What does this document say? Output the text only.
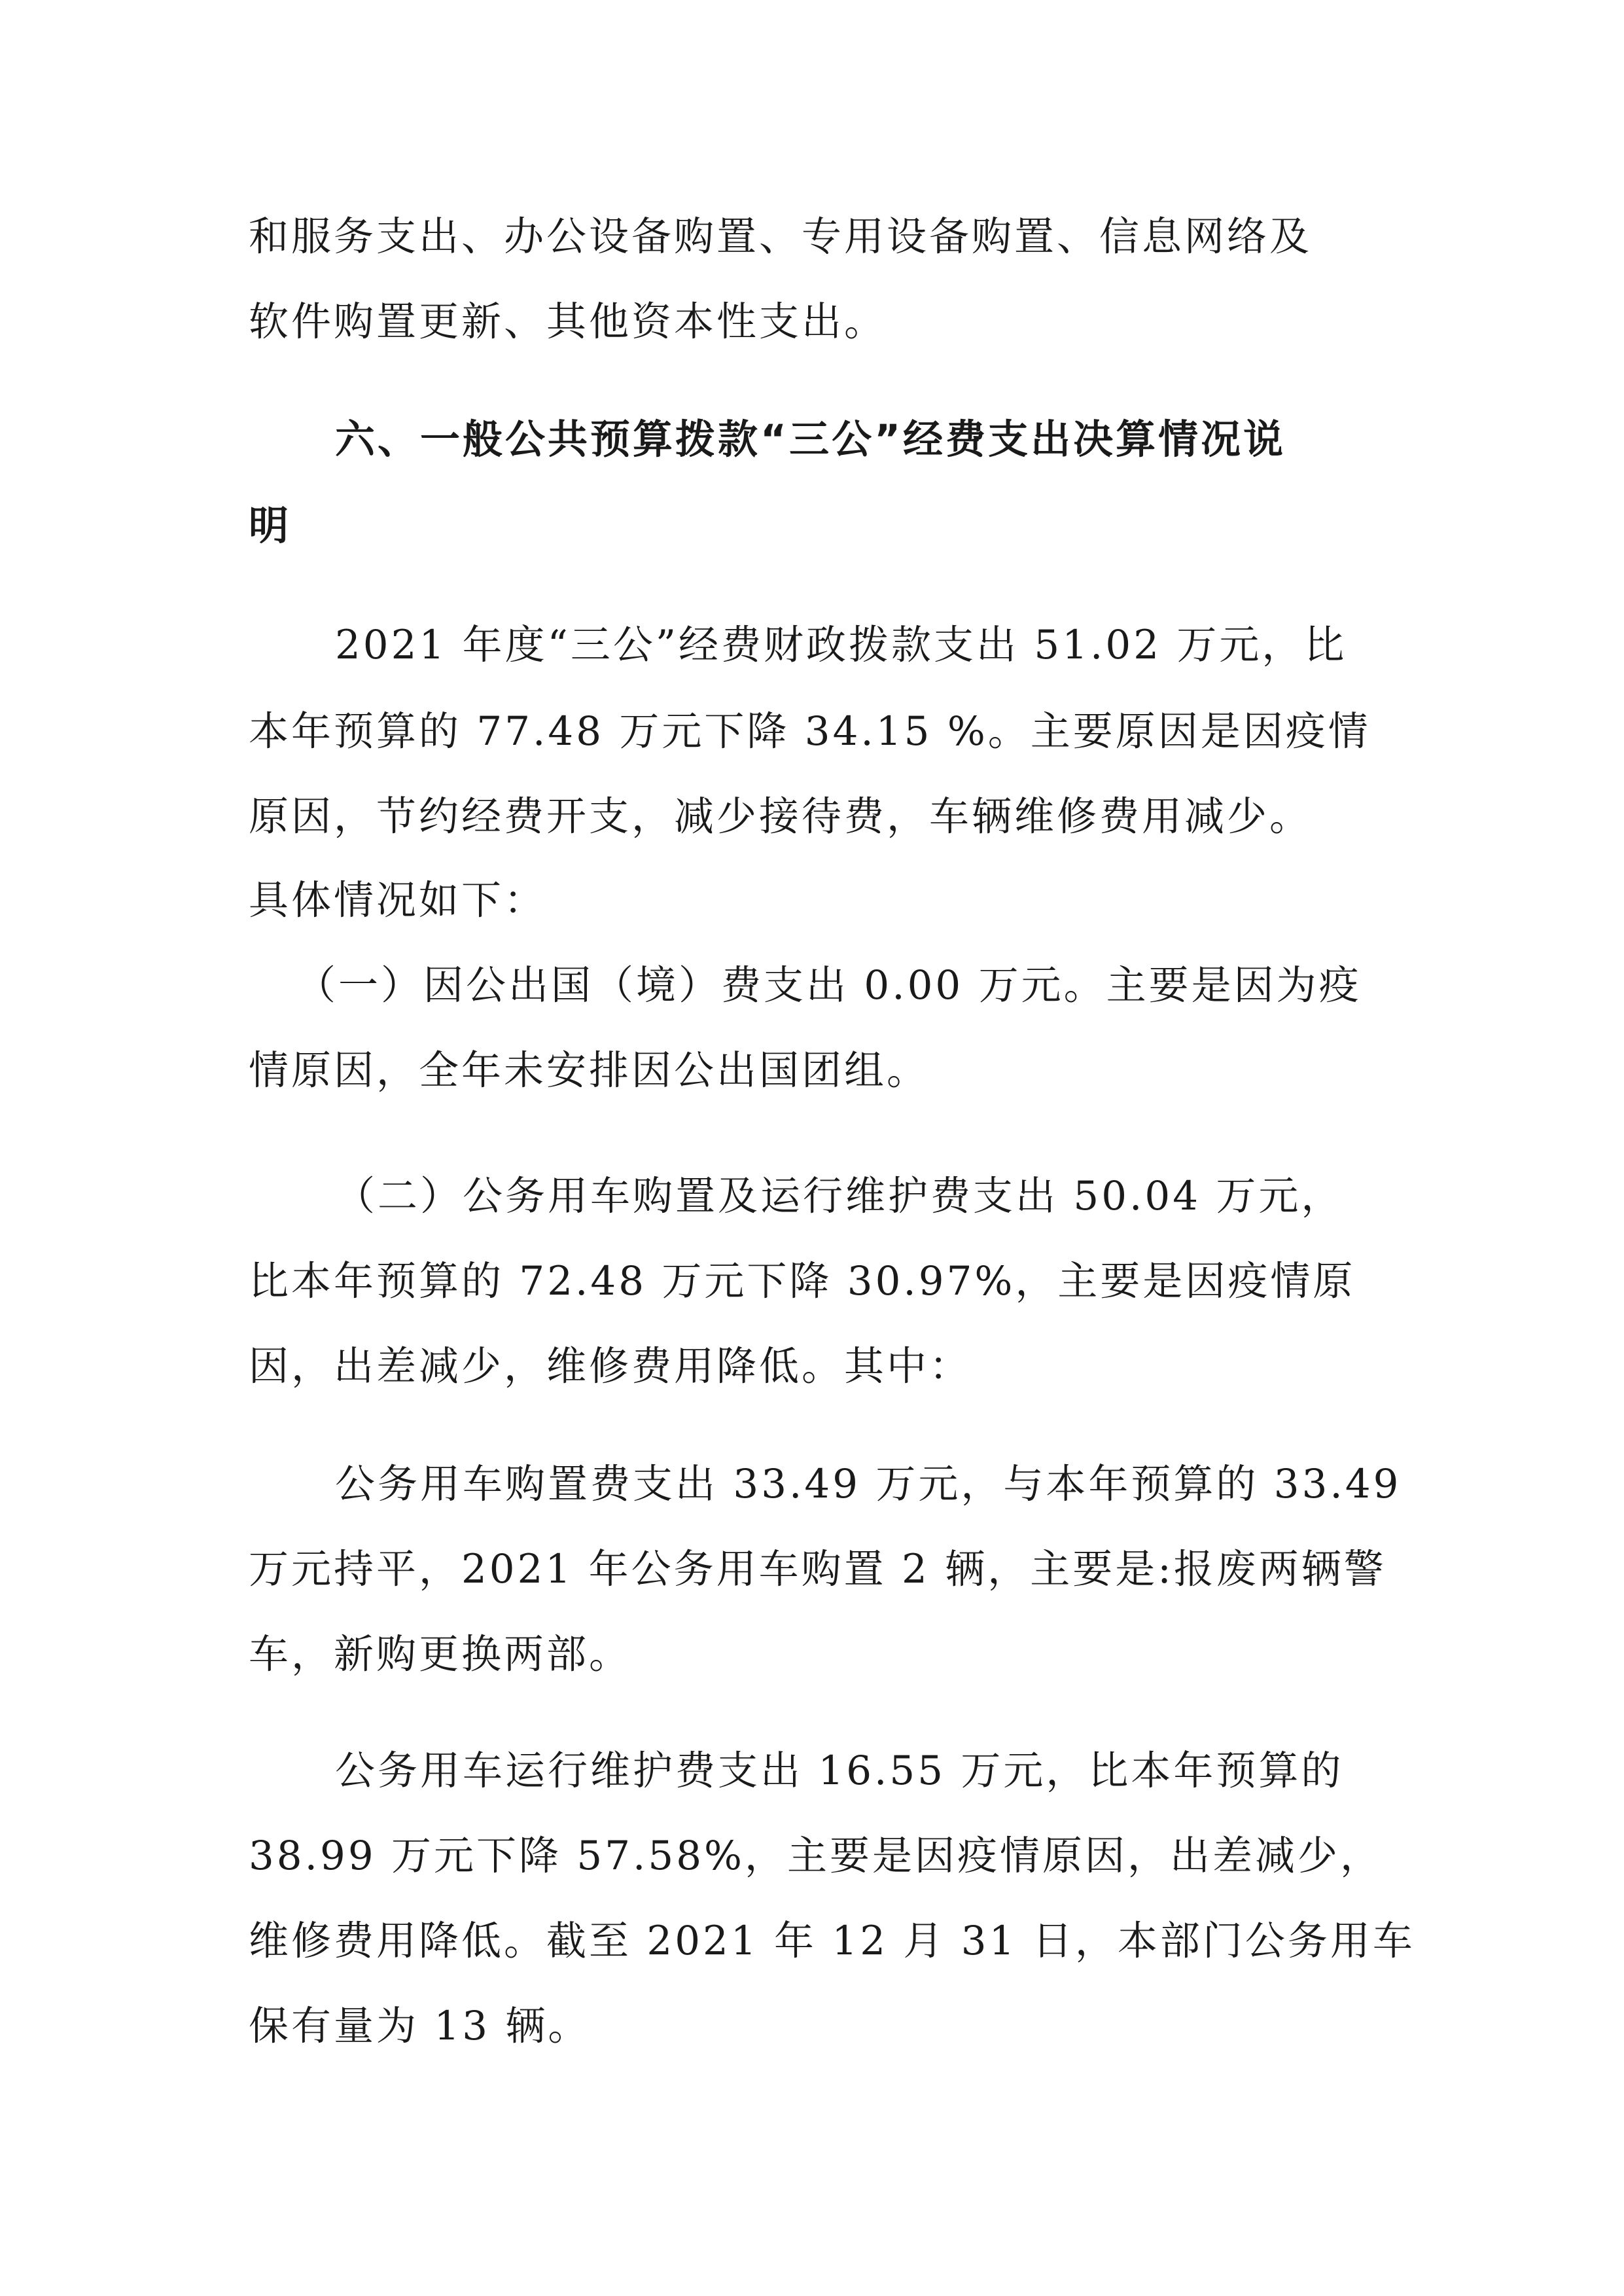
和服务支出、办公设备购置、专用设备购置、信息网络及
软件购置更新、其他资本性支出。
六、一般公共预算拨款“三公”经费支出决算情况说
明
2021 年度“三公”经费财政拨款支出 51.02 万元，比
本年预算的 77.48 万元下降 34.15 %。主要原因是因疫情
原因，节约经费开支，减少接待费，车辆维修费用减少。
具体情况如下：
（一）因公出国（境）费支出 0.00 万元。主要是因为疫
情原因，全年未安排因公出国团组。
（二）公务用车购置及运行维护费支出 50.04 万元，
比本年预算的 72.48 万元下降 30.97%，主要是因疫情原
因，出差减少，维修费用降低。其中：
公务用车购置费支出 33.49 万元，与本年预算的 33.49
万元持平，2021 年公务用车购置 2 辆，主要是:报废两辆警
车，新购更换两部。
公务用车运行维护费支出 16.55 万元，比本年预算的
38.99 万元下降 57.58%，主要是因疫情原因，出差减少，
维修费用降低。截至 2021 年 12 月 31 日，本部门公务用车
保有量为 13 辆。
